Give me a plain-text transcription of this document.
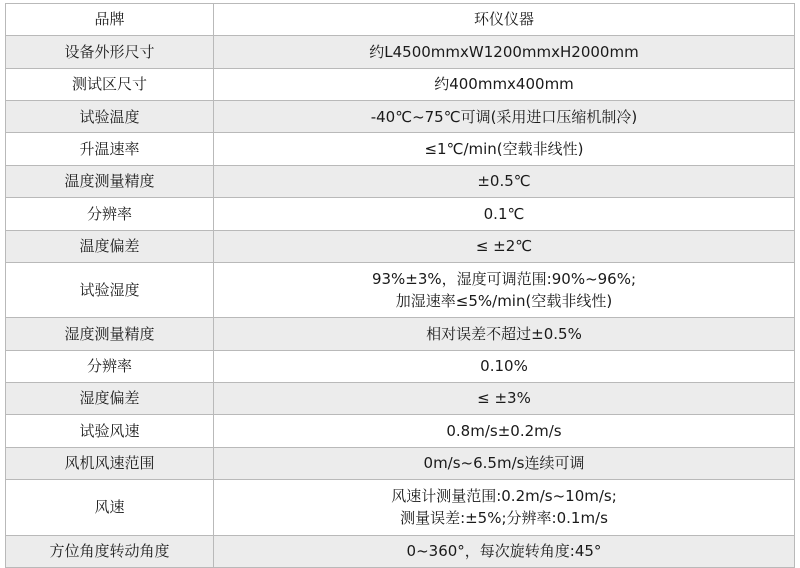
品牌	环仪仪器

设备外形尺寸	约L4500mmxW1200mmxH2000mm

测试区尺寸	约400mmx400mm

试验温度	-40℃~75℃可调(采用进口压缩机制冷)

升温速率	≤1℃/min(空载非线性)

温度测量精度	±0.5℃

分辨率	0.1℃

温度偏差	≤ ±2℃

试验湿度	93%±3%，湿度可调范围:90%~96%;
加湿速率≤5%/min(空载非线性)

湿度测量精度	相对误差不超过±0.5%

分辨率	0.10%

湿度偏差	≤ ±3%

试验风速	0.8m/s±0.2m/s

风机风速范围	0m/s~6.5m/s连续可调

风速	风速计测量范围:0.2m/s~10m/s;
测量误差:±5%;分辨率:0.1m/s

方位角度转动角度	0~360°，每次旋转角度:45°
